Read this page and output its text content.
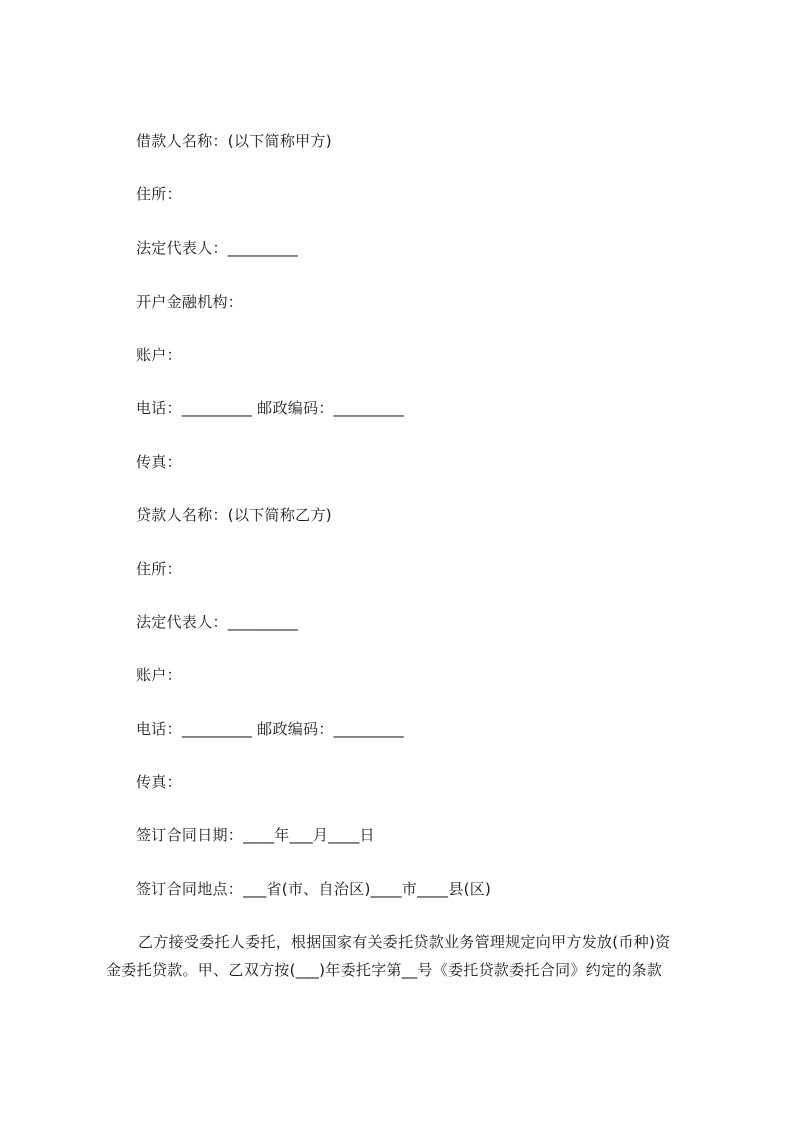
借款人名称：(以下简称甲方)
住所：
法定代表人：_________
开户金融机构：
账户：
电话：_________ 邮政编码：_________
传真：
贷款人名称：(以下简称乙方)
住所：
法定代表人：_________
账户：
电话：_________ 邮政编码：_________
传真：
签订合同日期：____年___月____日
签订合同地点：___省(市、自治区)____市____县(区)
乙方接受委托人委托，根据国家有关委托贷款业务管理规定向甲方发放(币种)资
金委托贷款。甲、乙双方按(___)年委托字第__号《委托贷款委托合同》约定的条款
